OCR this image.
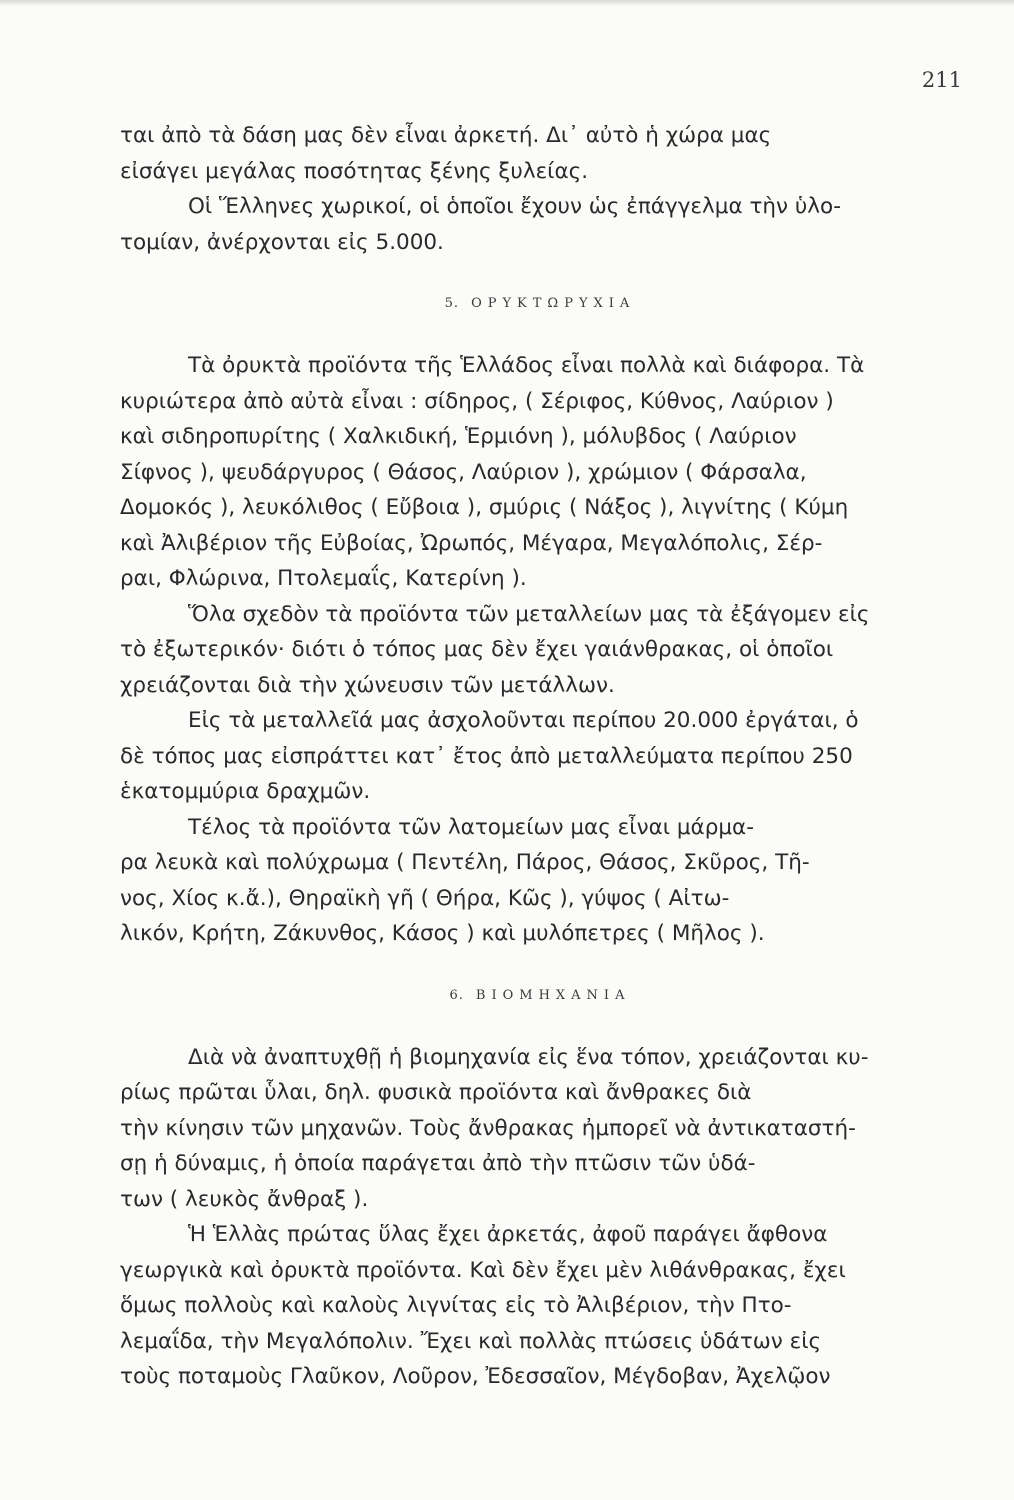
211
ται ἀπὸ τὰ δάση μας δὲν εἶναι ἀρκετή. Δι᾽ αὐτὸ ἡ χώρα μας
εἰσάγει μεγάλας ποσότητας ξένης ξυλείας.
Οἱ Ἕλληνες χωρικοί, οἱ ὁποῖοι ἔχουν ὡς ἐπάγγελμα τὴν ὑλο-
τομίαν, ἀνέρχονται εἰς 5.000.
5. ΟΡΥΚΤΩΡΥΧΙΑ
Τὰ ὀρυκτὰ προϊόντα τῆς Ἑλλάδος εἶναι πολλὰ καὶ διάφορα. Τὰ
κυριώτερα ἀπὸ αὐτὰ εἶναι : σίδηρος, ( Σέριφος, Κύθνος, Λαύριον )
καὶ σιδηροπυρίτης ( Χαλκιδική, Ἑρμιόνη ), μόλυβδος ( Λαύριον
Σίφνος ), ψευδάργυρος ( Θάσος, Λαύριον ), χρώμιον ( Φάρσαλα,
Δομοκός ), λευκόλιθος ( Εὔβοια ), σμύρις ( Νάξος ), λιγνίτης ( Κύμη
καὶ Ἀλιβέριον τῆς Εὐβοίας, Ὠρωπός, Μέγαρα, Μεγαλόπολις, Σέρ-
ραι, Φλώρινα, Πτολεμαΐς, Κατερίνη ).
Ὅλα σχεδὸν τὰ προϊόντα τῶν μεταλλείων μας τὰ ἐξάγομεν εἰς
τὸ ἐξωτερικόν· διότι ὁ τόπος μας δὲν ἔχει γαιάνθρακας, οἱ ὁποῖοι
χρειάζονται διὰ τὴν χώνευσιν τῶν μετάλλων.
Εἰς τὰ μεταλλεῖά μας ἀσχολοῦνται περίπου 20.000 ἐργάται, ὁ
δὲ τόπος μας εἰσπράττει κατ᾽ ἔτος ἀπὸ μεταλλεύματα περίπου 250
ἑκατομμύρια δραχμῶν.
Τέλος τὰ προϊόντα τῶν λατομείων μας εἶναι μάρμα-
ρα λευκὰ καὶ πολύχρωμα ( Πεντέλη, Πάρος, Θάσος, Σκῦρος, Τῆ-
νος, Χίος κ.ἄ.), Θηραϊκὴ γῆ ( Θήρα, Κῶς ), γύψος ( Αἰτω-
λικόν, Κρήτη, Ζάκυνθος, Κάσος ) καὶ μυλόπετρες ( Μῆλος ).
6. ΒΙΟΜΗΧΑΝΙΑ
Διὰ νὰ ἀναπτυχθῇ ἡ βιομηχανία εἰς ἕνα τόπον, χρειάζονται κυ-
ρίως πρῶται ὗλαι, δηλ. φυσικὰ προϊόντα καὶ ἄνθρακες διὰ
τὴν κίνησιν τῶν μηχανῶν. Τοὺς ἄνθρακας ἠμπορεῖ νὰ ἀντικαταστή-
σῃ ἡ δύναμις, ἡ ὁποία παράγεται ἀπὸ τὴν πτῶσιν τῶν ὑδά-
των ( λευκὸς ἄνθραξ ).
Ἡ Ἑλλὰς πρώτας ὕλας ἔχει ἀρκετάς, ἀφοῦ παράγει ἄφθονα
γεωργικὰ καὶ ὀρυκτὰ προϊόντα. Καὶ δὲν ἔχει μὲν λιθάνθρακας, ἔχει
ὅμως πολλοὺς καὶ καλοὺς λιγνίτας εἰς τὸ Ἀλιβέριον, τὴν Πτο-
λεμαΐδα, τὴν Μεγαλόπολιν. Ἔχει καὶ πολλὰς πτώσεις ὑδάτων εἰς
τοὺς ποταμοὺς Γλαῦκον, Λοῦρον, Ἐδεσσαῖον, Μέγδοβαν, Ἀχελῷον
